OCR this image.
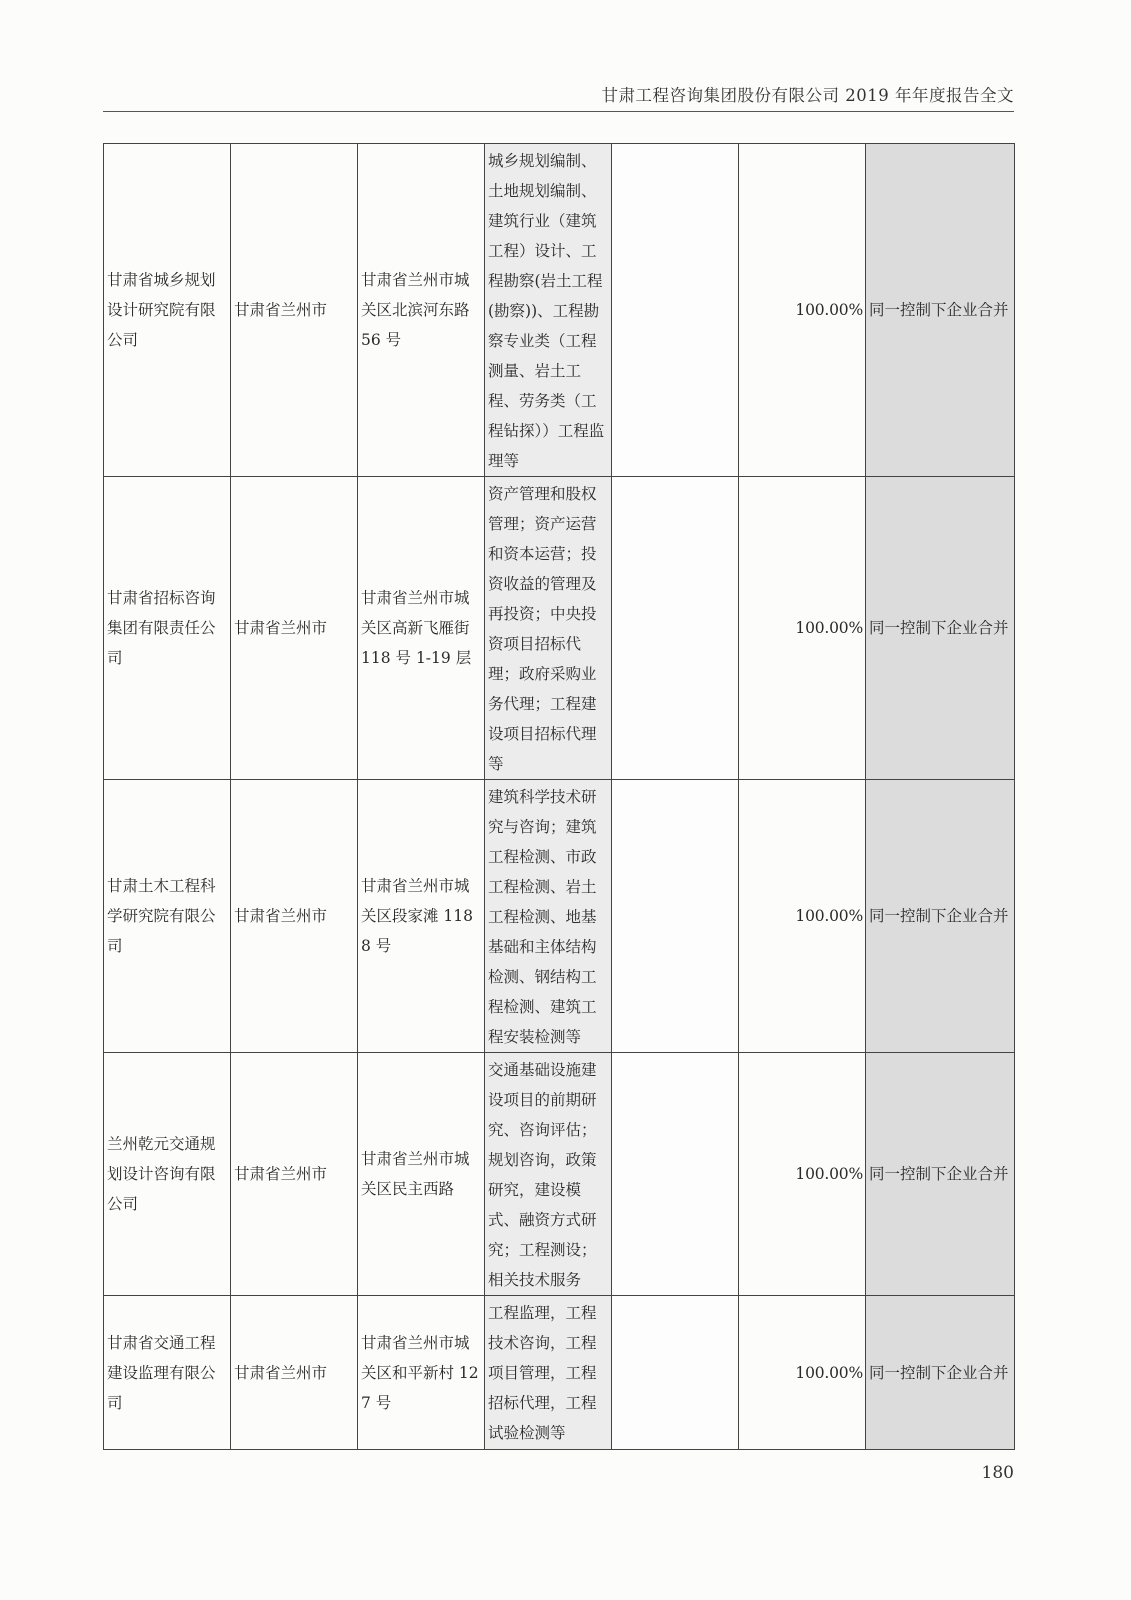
甘肃工程咨询集团股份有限公司 2019 年年度报告全文
甘肃省城乡规划设计研究院有限公司	甘肃省兰州市	甘肃省兰州市城关区北滨河东路 56 号	城乡规划编制、土地规划编制、建筑行业（建筑工程）设计、工程勘察(岩土工程(勘察))、工程勘察专业类（工程测量、岩土工程、劳务类（工程钻探））工程监理等		100.00%	同一控制下企业合并
甘肃省招标咨询集团有限责任公司	甘肃省兰州市	甘肃省兰州市城关区高新飞雁街 118 号 1-19 层	资产管理和股权管理；资产运营和资本运营；投资收益的管理及再投资；中央投资项目招标代理；政府采购业务代理；工程建设项目招标代理等		100.00%	同一控制下企业合并
甘肃土木工程科学研究院有限公司	甘肃省兰州市	甘肃省兰州市城关区段家滩 1188 号	建筑科学技术研究与咨询；建筑工程检测、市政工程检测、岩土工程检测、地基基础和主体结构检测、钢结构工程检测、建筑工程安装检测等		100.00%	同一控制下企业合并
兰州乾元交通规划设计咨询有限公司	甘肃省兰州市	甘肃省兰州市城关区民主西路	交通基础设施建设项目的前期研究、咨询评估；规划咨询，政策研究，建设模式、融资方式研究；工程测设；相关技术服务		100.00%	同一控制下企业合并
甘肃省交通工程建设监理有限公司	甘肃省兰州市	甘肃省兰州市城关区和平新村 127 号	工程监理，工程技术咨询，工程项目管理，工程招标代理，工程试验检测等		100.00%	同一控制下企业合并
180
